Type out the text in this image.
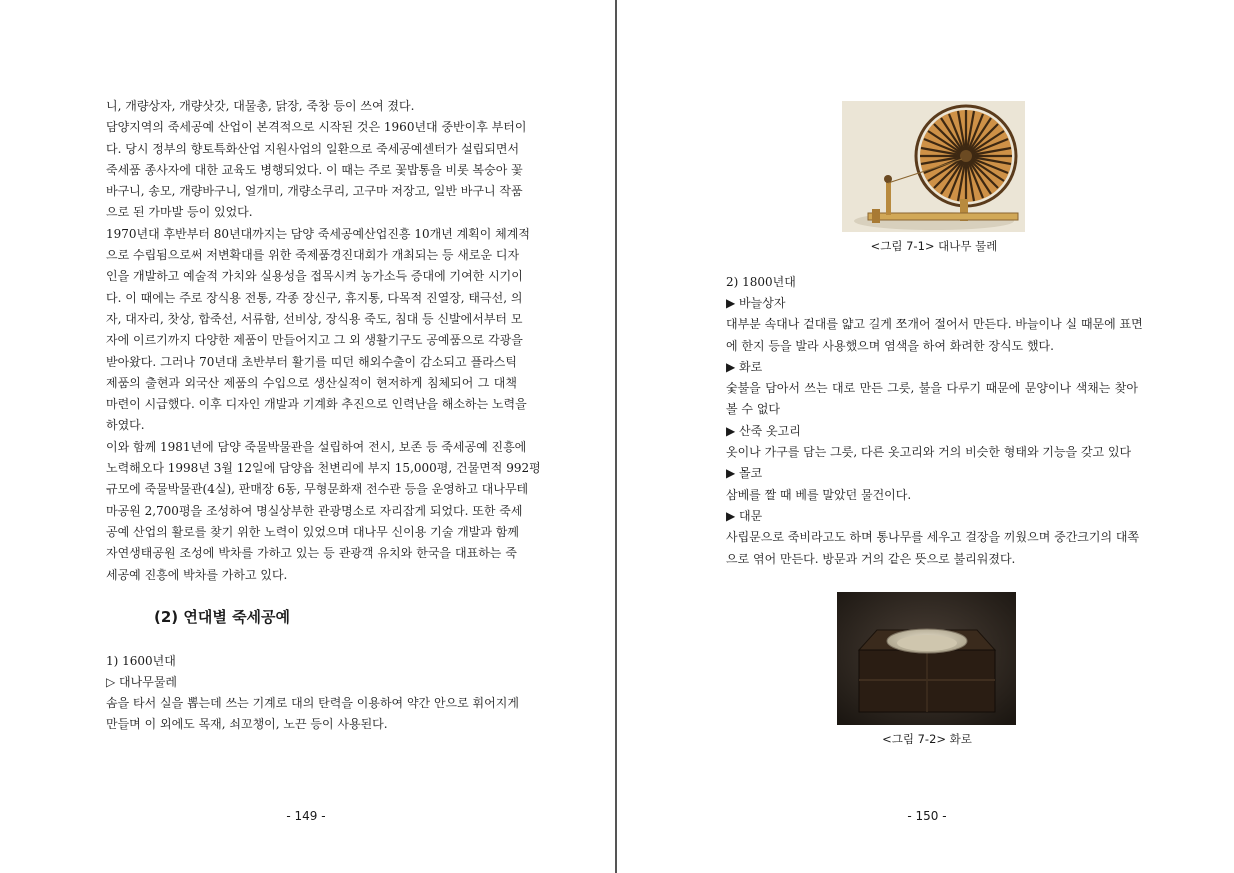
니, 개량상자, 개량삿갓, 대물총, 닭장, 죽창 등이 쓰여 졌다.

담양지역의 죽세공예 산업이 본격적으로 시작된 것은 1960년대 중반이후 부터이
다. 당시 정부의 향토특화산업 지원사업의 일환으로 죽세공예센터가 설립되면서
죽세품 종사자에 대한 교육도 병행되었다. 이 때는 주로 꽃밥통을 비롯 복숭아 꽃
바구니, 송모, 개량바구니, 얼개미, 개량소쿠리, 고구마 저장고, 일반 바구니 작품
으로 된 가마발 등이 있었다.

1970년대 후반부터 80년대까지는 담양 죽세공예산업진흥 10개년 계획이 체계적
으로 수립됨으로써 저변확대를 위한 죽제품경진대회가 개최되는 등 새로운 디자
인을 개발하고 예술적 가치와 실용성을 접목시켜 농가소득 증대에 기여한 시기이
다. 이 때에는 주로 장식용 전통, 각종 장신구, 휴지통, 다목적 진열장, 태극선, 의
자, 대자리, 찻상, 합죽선, 서류함, 선비상, 장식용 죽도, 침대 등 신발에서부터 모
자에 이르기까지 다양한 제품이 만들어지고 그 외 생활기구도 공예품으로 각광을
받아왔다. 그러나 70년대 초반부터 활기를 띠던 해외수출이 감소되고 플라스틱
제품의 출현과 외국산 제품의 수입으로 생산실적이 현저하게 침체되어 그 대책
마련이 시급했다. 이후 디자인 개발과 기계화 추진으로 인력난을 해소하는 노력을
하였다.

이와 함께 1981년에 담양 죽물박물관을 설립하여 전시, 보존 등 죽세공예 진흥에
노력해오다 1998년 3월 12일에 담양읍 천변리에 부지 15,000평, 건물면적 992평
규모에 죽물박물관(4실), 판매장 6동, 무형문화재 전수관 등을 운영하고 대나무테
마공원 2,700평을 조성하여 명실상부한 관광명소로 자리잡게 되었다. 또한 죽세
공예 산업의 활로를 찾기 위한 노력이 있었으며 대나무 신이용 기술 개발과 함께
자연생태공원 조성에 박차를 가하고 있는 등 관광객 유치와 한국을 대표하는 죽
세공예 진흥에 박차를 가하고 있다.

(2) 연대별 죽세공예
1) 1600년대
▷ 대나무물레
솜을 타서 실을 뽑는데 쓰는 기계로 대의 탄력을 이용하여 약간 안으로 휘어지게
만들며 이 외에도 목재, 쇠꼬챙이, 노끈 등이 사용된다.
- 149 -
<그림 7-1> 대나무 물레
2) 1800년대
▶ 바늘상자
대부분 속대나 겉대를 얇고 길게 쪼개어 절어서 만든다. 바늘이나 실 때문에 표면
에 한지 등을 발라 사용했으며 염색을 하여 화려한 장식도 했다.
▶ 화로
숯불을 담아서 쓰는 대로 만든 그릇, 불을 다루기 때문에 문양이나 색채는 찾아
볼 수 없다
▶ 산죽 옷고리
옷이나 가구를 담는 그릇, 다른 옷고리와 거의 비슷한 형태와 기능을 갖고 있다
▶ 몰코
삼베를 짤 때 베를 말았던 물건이다.
▶ 대문
사립문으로 죽비라고도 하며 통나무를 세우고 걸장을 끼웠으며 중간크기의 대쪽
으로 엮어 만든다. 방문과 거의 같은 뜻으로 불리워졌다.
<그림 7-2> 화로
- 150 -
